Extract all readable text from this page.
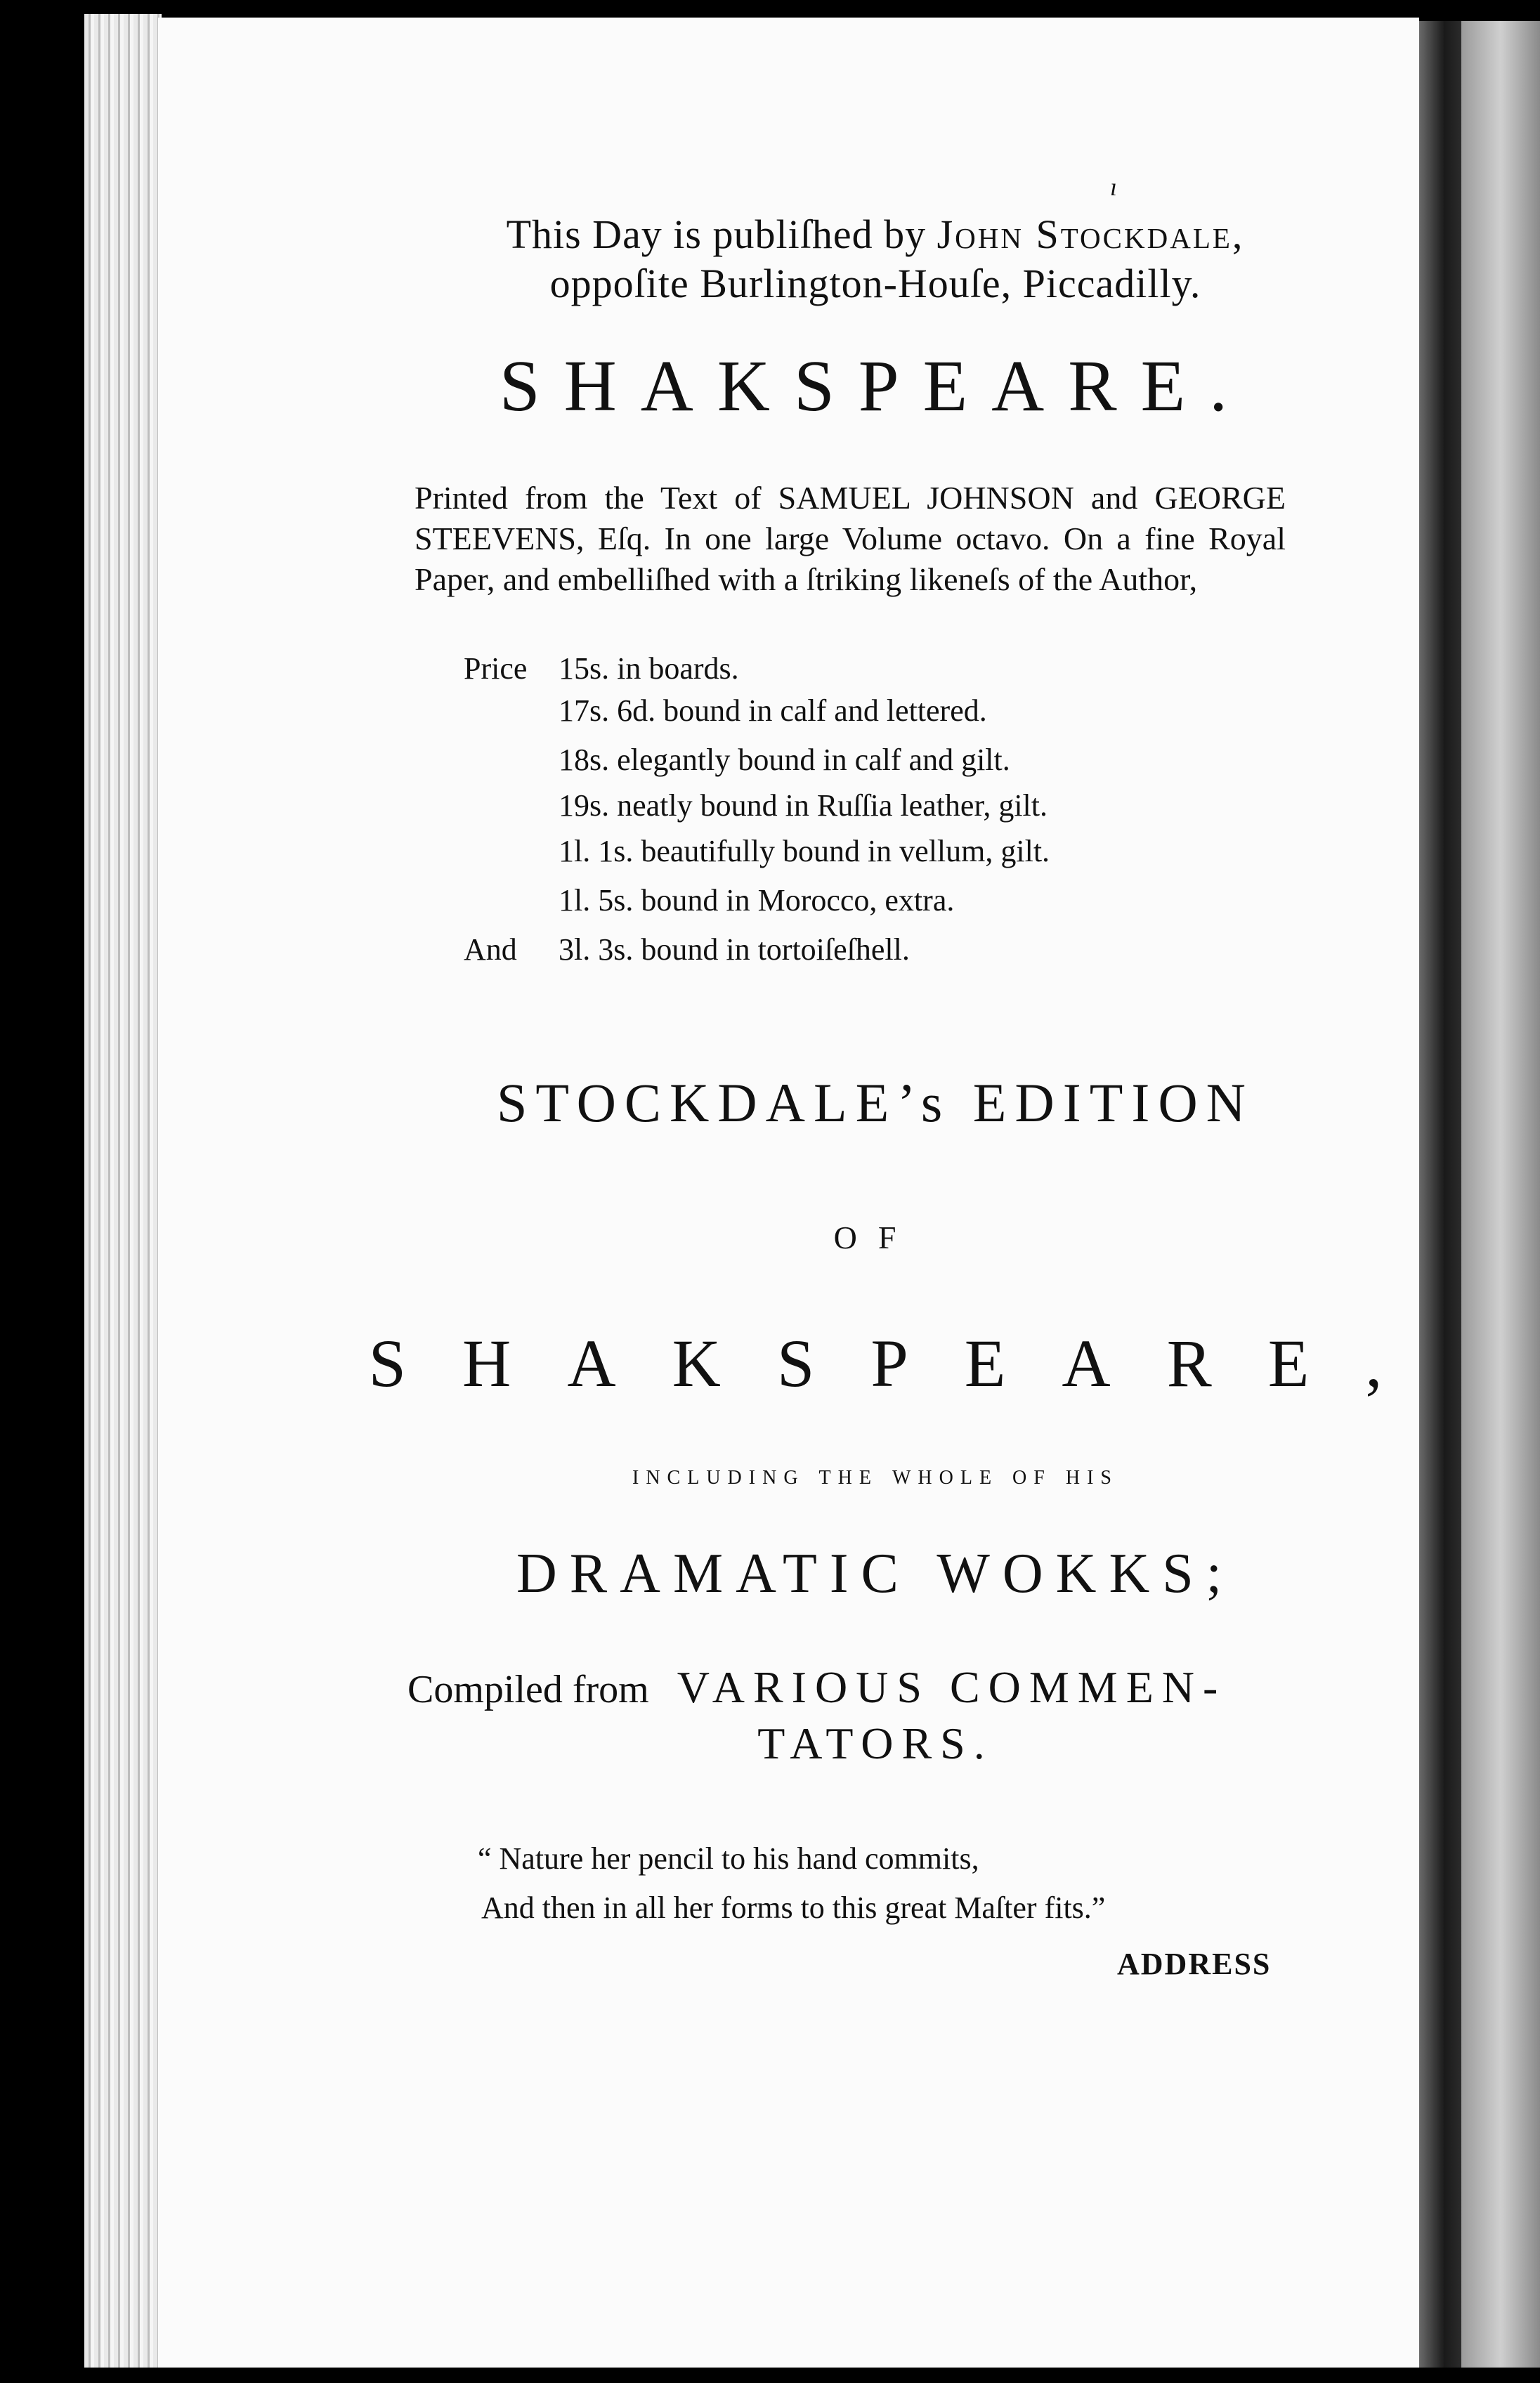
ı
This Day is publiſhed by John Stockdale,
oppoſite Burlington-Houſe, Piccadilly.
SHAKSPEARE.
Printed from the Text of SAMUEL JOHNSON and GEORGE STEEVENS, Eſq. In one large Volume octavo. On a fine Royal Paper, and embelliſhed with a ſtriking likeneſs of the Author,
Price 15s. in boards.
17s. 6d. bound in calf and lettered.
18s. elegantly bound in calf and gilt.
19s. neatly bound in Ruſſia leather, gilt.
1l. 1s. beautifully bound in vellum, gilt.
1l. 5s. bound in Morocco, extra.
And 3l. 3s. bound in tortoiſeſhell.
STOCKDALE’s EDITION
OF
SHAKSPEARE,
including the whole of his
DRAMATIC WOKKS;
Compiled from VARIOUS COMMEN-
TATORS.
“ Nature her pencil to his hand commits,
And then in all her forms to this great Maſter fits.”
ADDRESS
